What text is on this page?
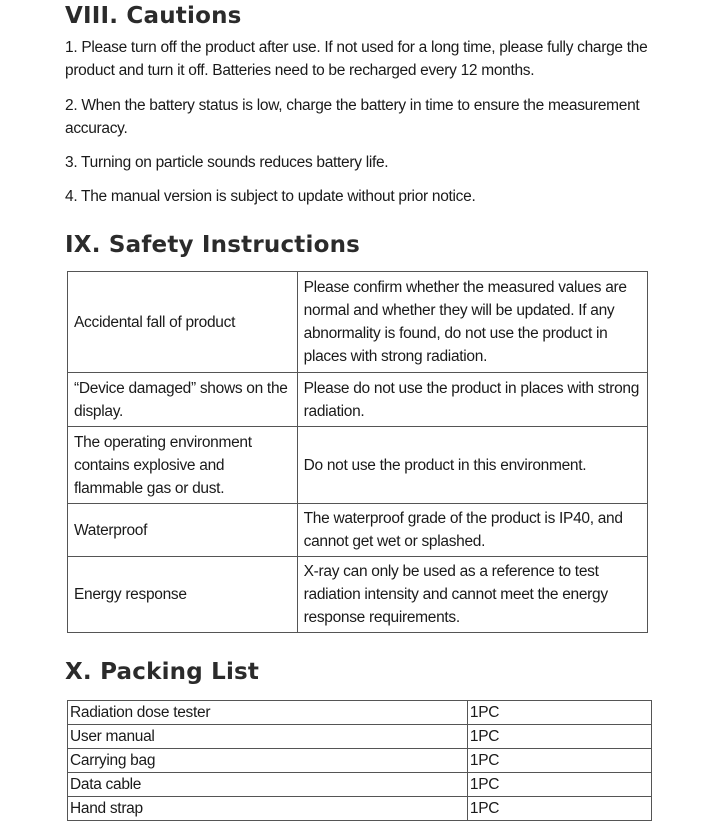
VIII. Cautions

1. Please turn off the product after use. If not used for a long time, please fully charge the product and turn it off. Batteries need to be recharged every 12 months.

2. When the battery status is low, charge the battery in time to ensure the measurement accuracy.

3. Turning on particle sounds reduces battery life.

4. The manual version is subject to update without prior notice.

IX. Safety Instructions
Accidental fall of product	Please confirm whether the measured values are normal and whether they will be updated. If any abnormality is found, do not use the product in places with strong radiation.
“Device damaged” shows on the display.	Please do not use the product in places with strong radiation.
The operating environment contains explosive and flammable gas or dust.	Do not use the product in this environment.
Waterproof	The waterproof grade of the product is IP40, and cannot get wet or splashed.
Energy response	X-ray can only be used as a reference to test radiation intensity and cannot meet the energy response requirements.
X. Packing List
Radiation dose tester	1PC
User manual	1PC
Carrying bag	1PC
Data cable	1PC
Hand strap	1PC
